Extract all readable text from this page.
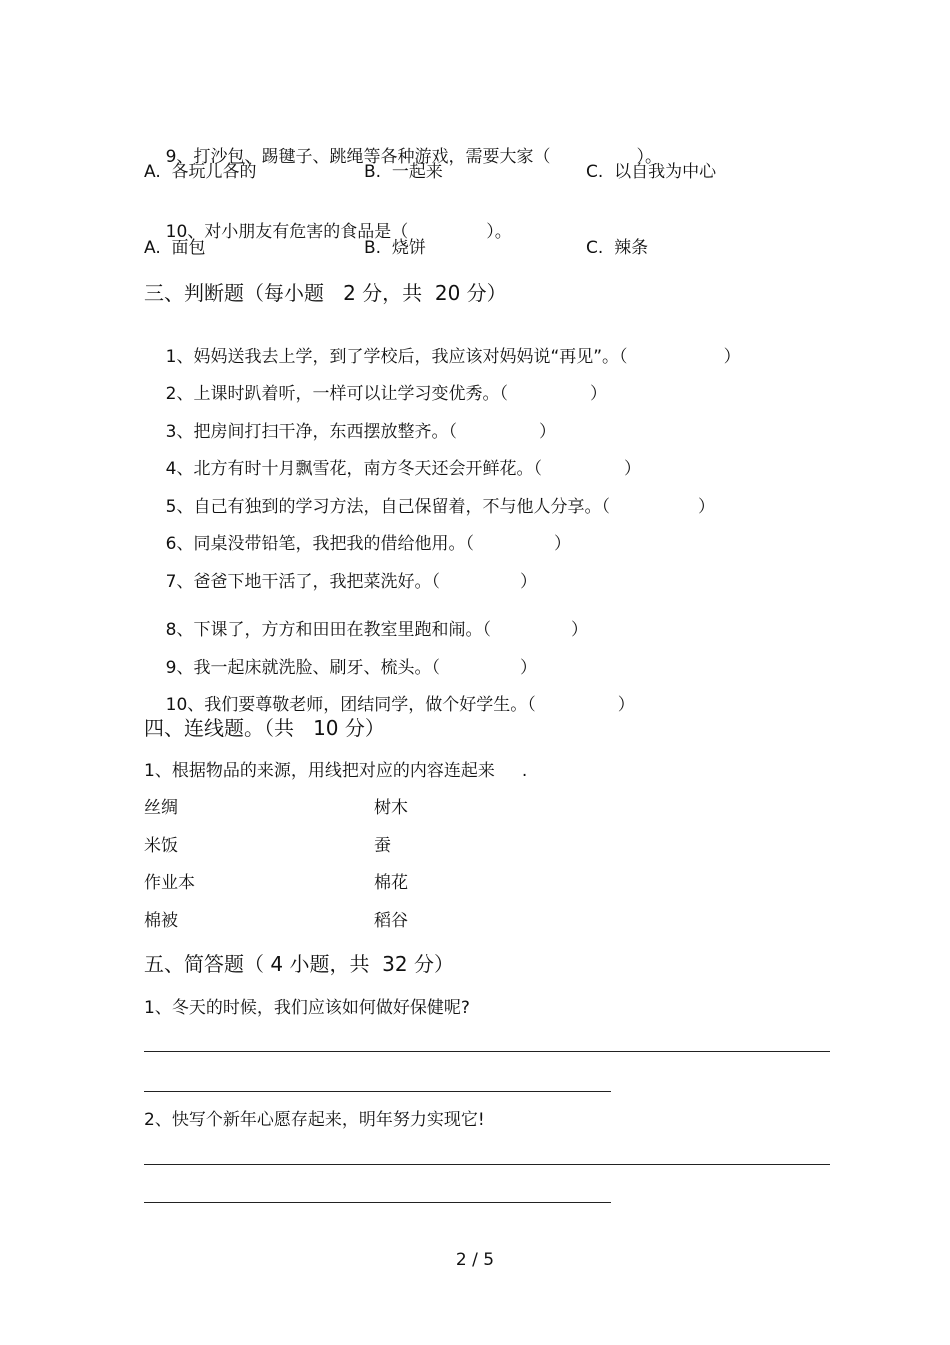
9、打沙包、踢毽子、跳绳等各种游戏，需要大家（	）。

A.  各玩儿各的	B.  一起来	C.  以自我为中心

10、对小朋友有危害的食品是（	）。

A.  面包	B.  烧饼	C.  辣条
三、判断题（每小题   2 分，共  20 分）

1、妈妈送我去上学，到了学校后，我应该对妈妈说“再见”。（	）

2、上课时趴着听，一样可以让学习变优秀。（	）

3、把房间打扫干净，东西摆放整齐。（	）

4、北方有时十月飘雪花，南方冬天还会开鲜花。（	）

5、自己有独到的学习方法，自己保留着，不与他人分享。（	）

6、同桌没带铅笔，我把我的借给他用。（	）

7、爸爸下地干活了，我把菜洗好。（	）

8、下课了，方方和田田在教室里跑和闹。（	）

9、我一起床就洗脸、刷牙、梳头。（	）

10、我们要尊敬老师，团结同学，做个好学生。（	）

四、连线题。（共   10 分）
1、根据物品的来源，用线把对应的内容连起来     .
丝绸	树木
米饭	蚕
作业本	棉花
棉被	稻谷
五、简答题（ 4 小题，共  32 分）
1、冬天的时候，我们应该如何做好保健呢?
2、快写个新年心愿存起来，明年努力实现它!
2 / 5
